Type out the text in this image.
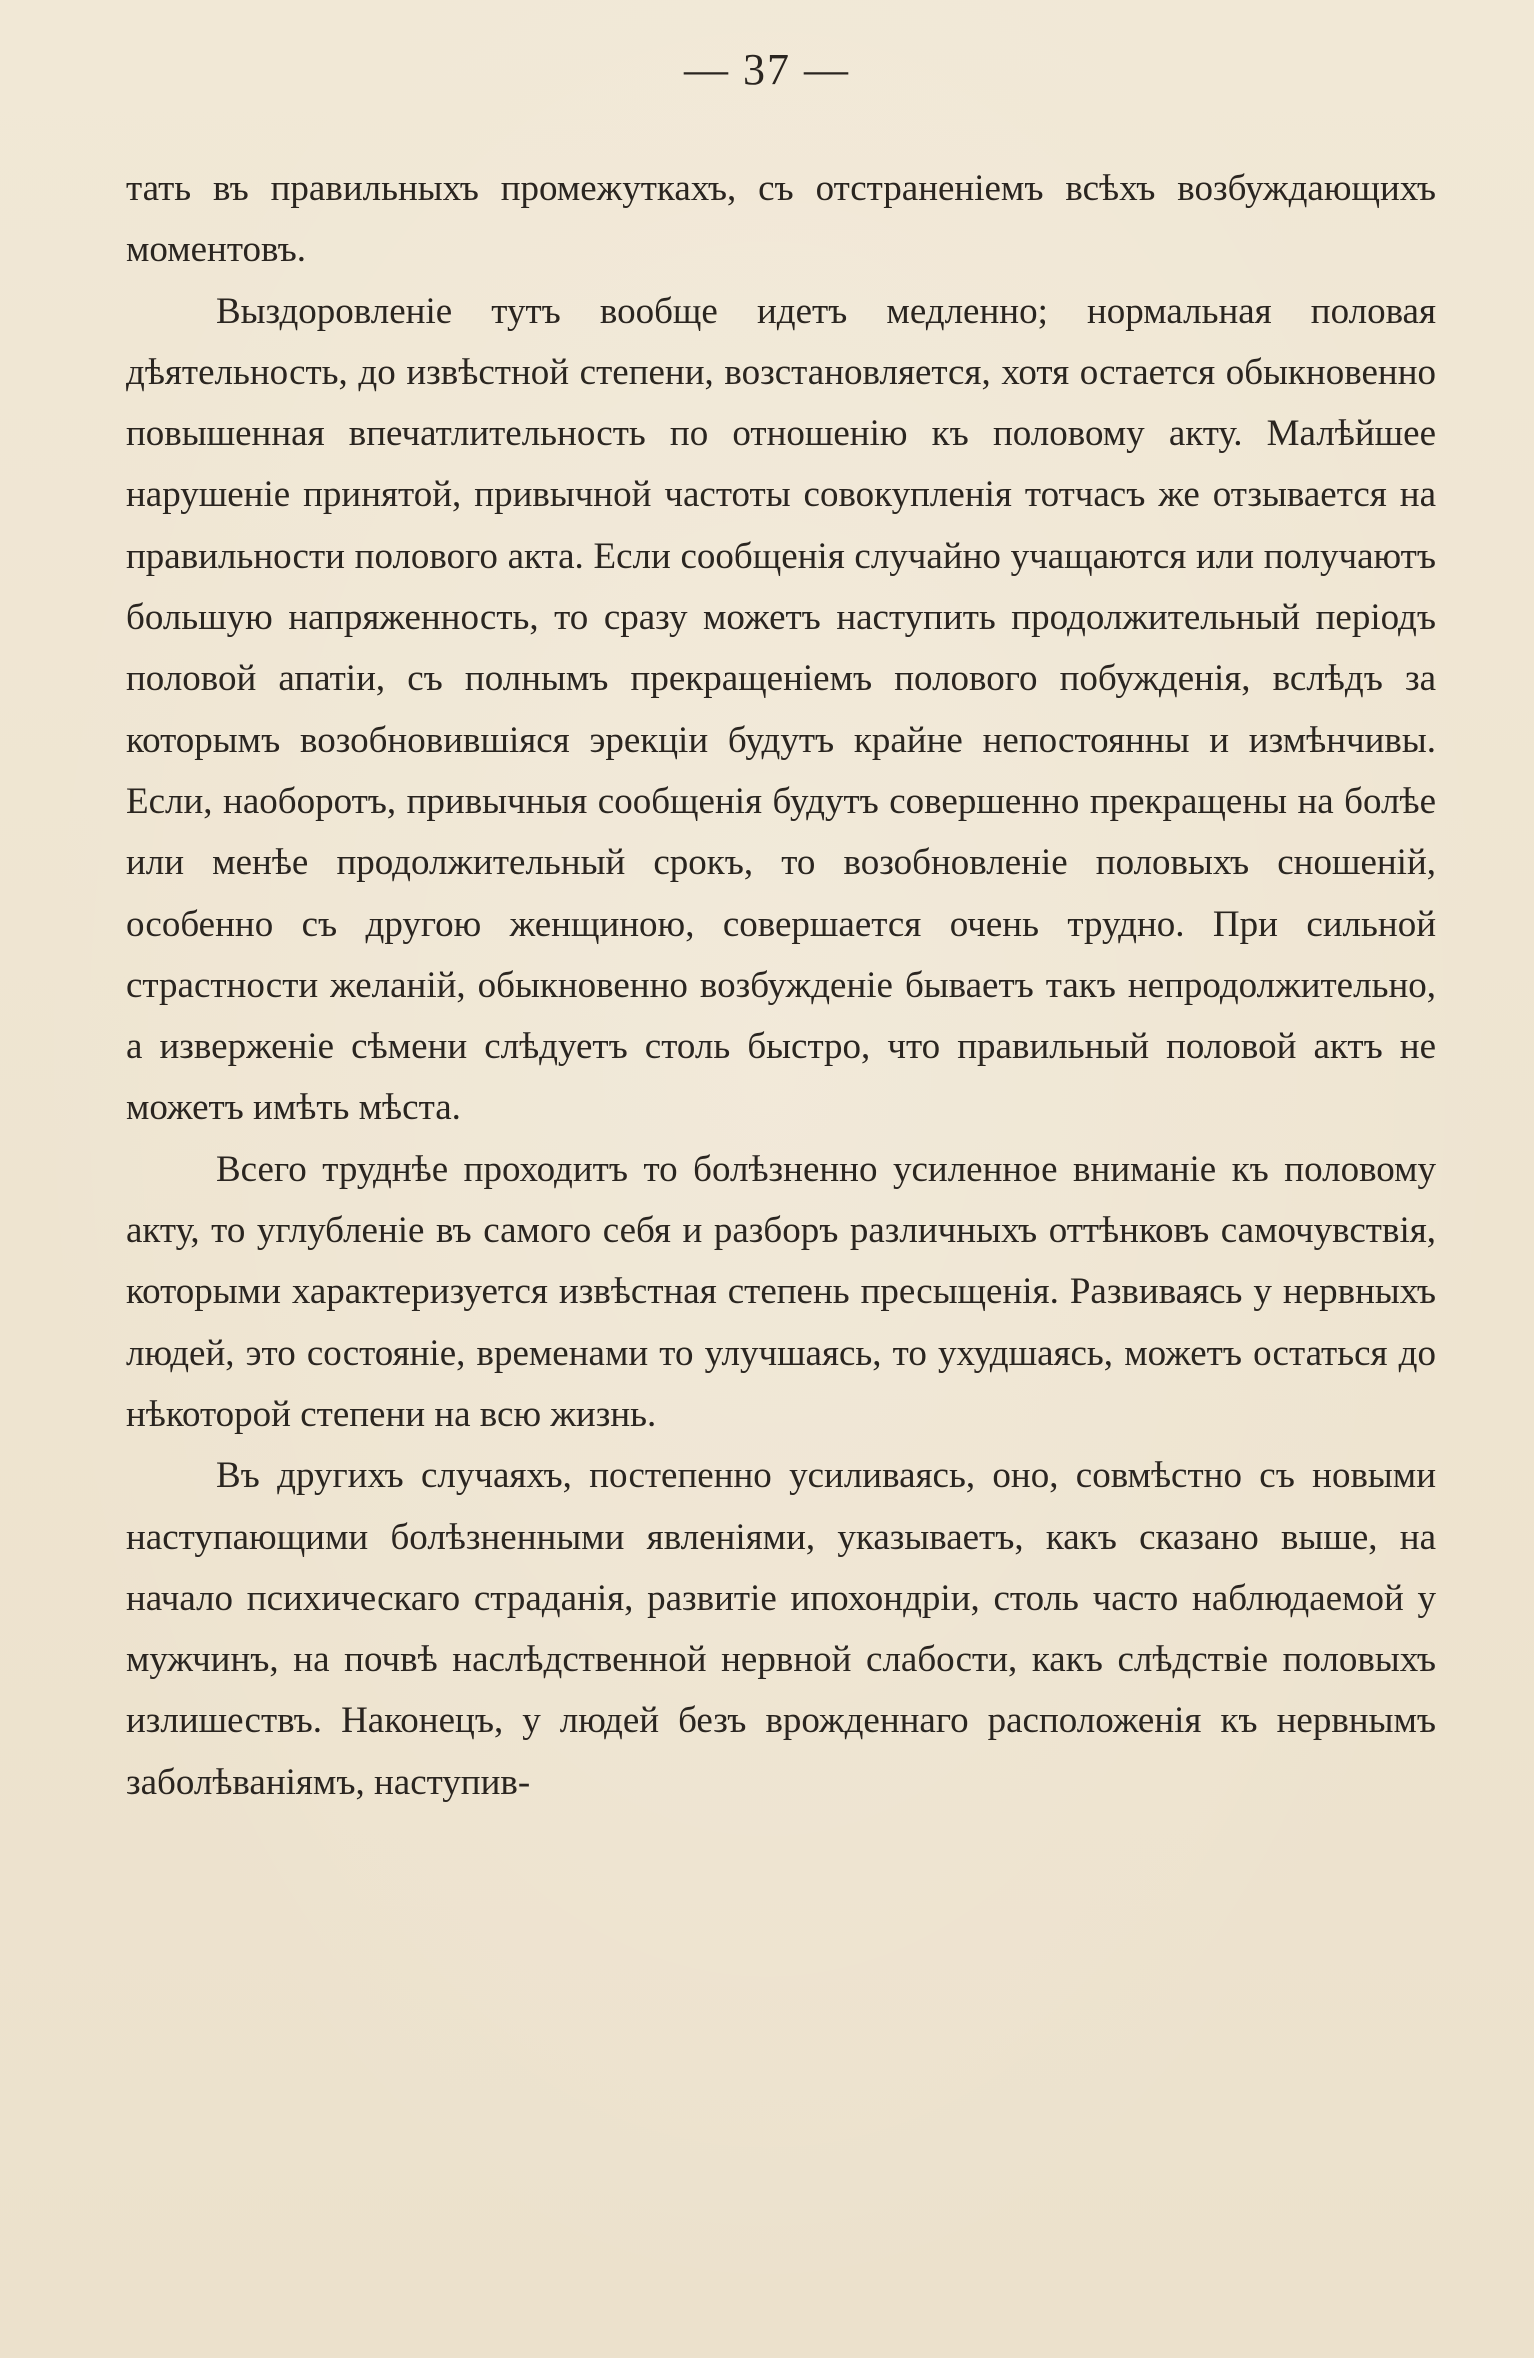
— 37 —

тать въ правильныхъ промежуткахъ, съ отстраненіемъ всѣхъ возбуждающихъ моментовъ.

Выздоровленіе тутъ вообще идетъ медленно; нормальная половая дѣятельность, до извѣстной степени, возстановляется, хотя остается обыкновенно повышенная впечатлительность по отношенію къ половому акту. Малѣйшее нарушеніе принятой, привычной частоты совокупленія тотчасъ же отзывается на правильности полового акта. Если сообщенія случайно учащаются или получаютъ большую напряженность, то сразу можетъ наступить продолжительный періодъ половой апатіи, съ полнымъ прекращеніемъ полового побужденія, вслѣдъ за которымъ возобновившіяся эрекціи будутъ крайне непостоянны и измѣнчивы. Если, наоборотъ, привычныя сообщенія будутъ совершенно прекращены на болѣе или менѣе продолжительный срокъ, то возобновленіе половыхъ сношеній, особенно съ другою женщиною, совершается очень трудно. При сильной страстности желаній, обыкновенно возбужденіе бываетъ такъ непродолжительно, а изверженіе сѣмени слѣдуетъ столь быстро, что правильный половой актъ не можетъ имѣть мѣста.

Всего труднѣе проходитъ то болѣзненно усиленное вниманіе къ половому акту, то углубленіе въ самого себя и разборъ различныхъ оттѣнковъ самочувствія, которыми характеризуется извѣстная степень пресыщенія. Развиваясь у нервныхъ людей, это состояніе, временами то улучшаясь, то ухудшаясь, можетъ остаться до нѣкоторой степени на всю жизнь.

Въ другихъ случаяхъ, постепенно усиливаясь, оно, совмѣстно съ новыми наступающими болѣзненными явленіями, указываетъ, какъ сказано выше, на начало психическаго страданія, развитіе ипохондріи, столь часто наблюдаемой у мужчинъ, на почвѣ наслѣдственной нервной слабости, какъ слѣдствіе половыхъ излишествъ. Наконецъ, у людей безъ врожденнаго расположенія къ нервнымъ заболѣваніямъ, наступив-
